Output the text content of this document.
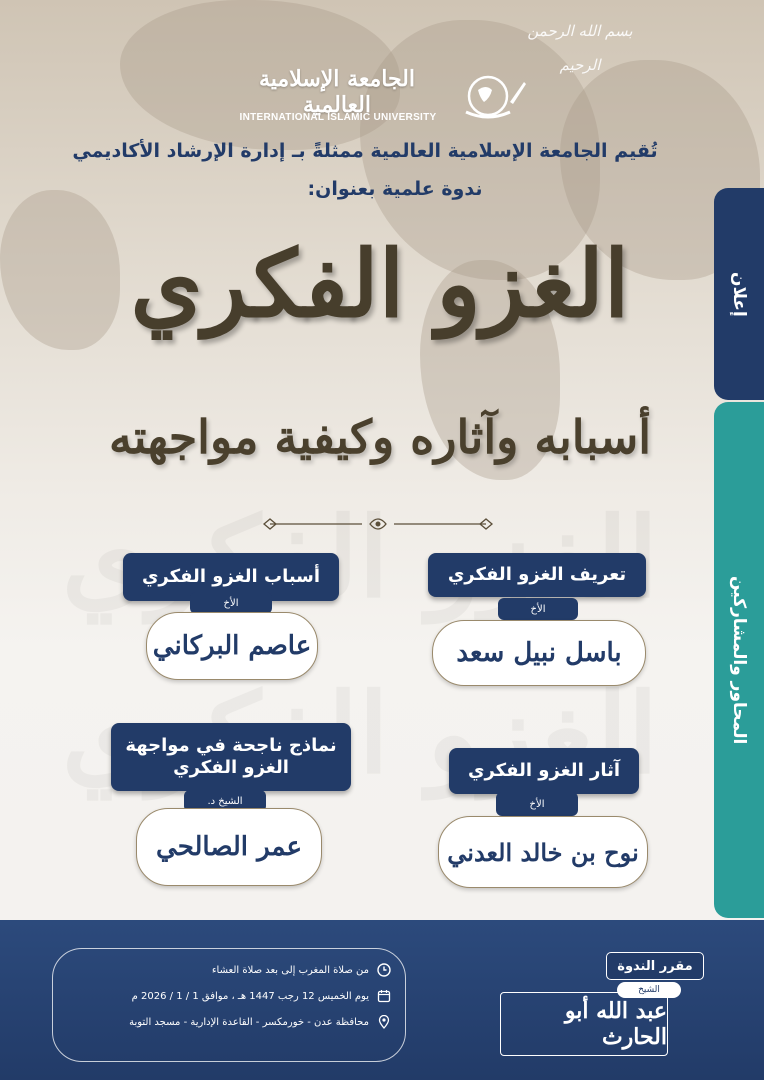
بسم الله الرحمن الرحيم
الجامعة الإسلامية العالمية
INTERNATIONAL ISLAMIC UNIVERSITY
تُقيم الجامعة الإسلامية العالمية ممثلةً بـ إدارة الإرشاد الأكاديمي
ندوة علمية بعنوان:
الغزو الفكري
أسبابه وآثاره وكيفية مواجهته
إعلان
المحاور والمشاركين
تعريف الغزو الفكري
الأخ
باسل نبيل سعد
أسباب الغزو الفكري
الأخ
عاصم البركاني
آثار الغزو الفكري
الأخ
نوح بن خالد العدني
نماذج ناجحة في مواجهة الغزو الفكري
الشيخ د.
عمر الصالحي
من صلاة المغرب إلى بعد صلاة العشاء
يوم الخميس 12 رجب 1447 هـ ، موافق 1 / 1 / 2026 م
محافظة عدن - خورمكسر - القاعدة الإدارية - مسجد التوبة
مقرر الندوة
عبد الله أبو الحارث
الشيخ
